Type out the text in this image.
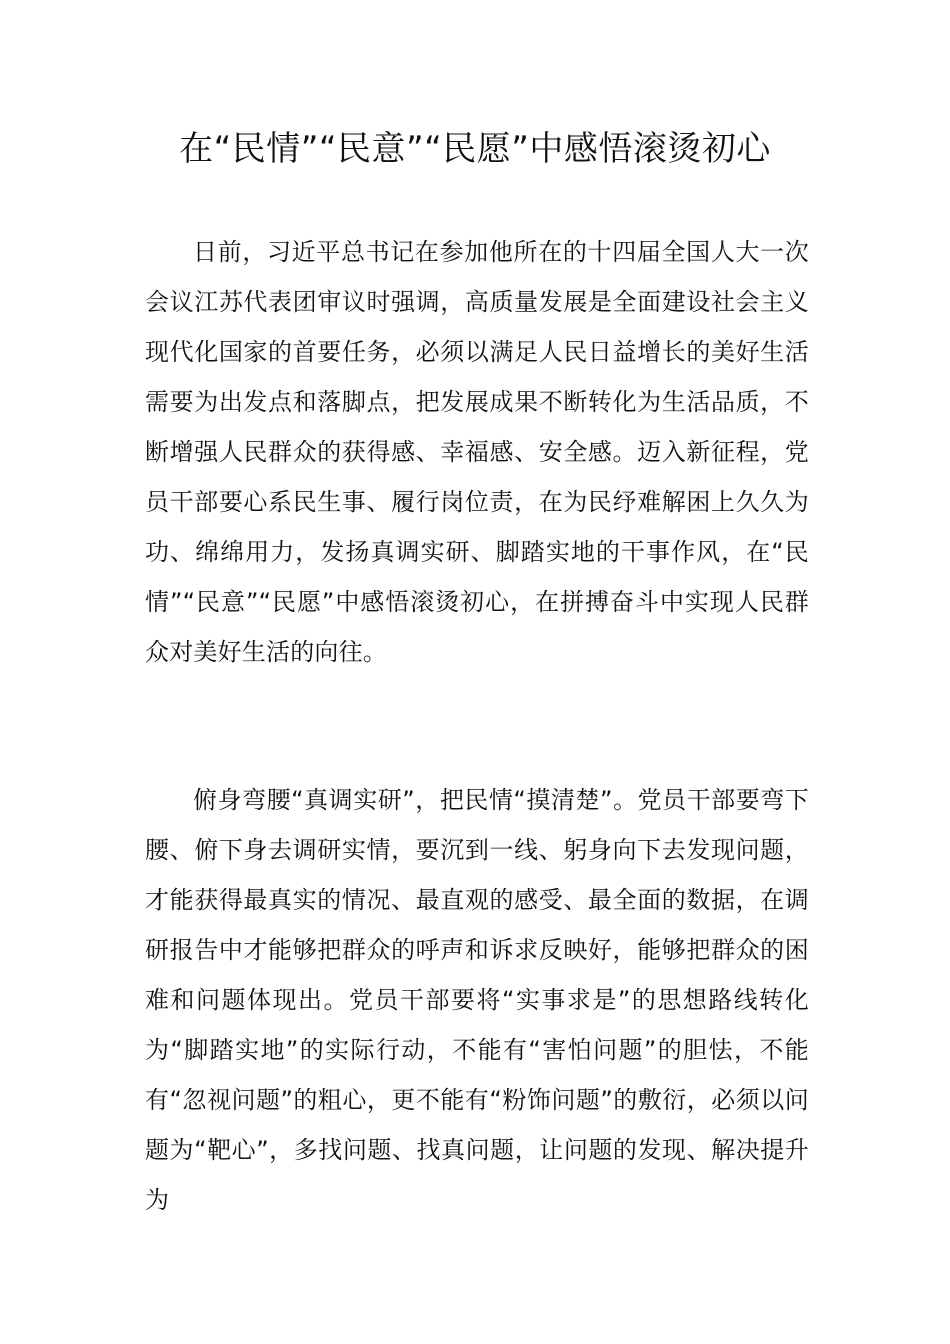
在“民情”“民意”“民愿”中感悟滚烫初心

日前，习近平总书记在参加他所在的十四届全国人大一次会议江苏代表团审议时强调，高质量发展是全面建设社会主义现代化国家的首要任务，必须以满足人民日益增长的美好生活需要为出发点和落脚点，把发展成果不断转化为生活品质，不断增强人民群众的获得感、幸福感、安全感。迈入新征程，党员干部要心系民生事、履行岗位责，在为民纾难解困上久久为功、绵绵用力，发扬真调实研、脚踏实地的干事作风，在“民情”“民意”“民愿”中感悟滚烫初心，在拼搏奋斗中实现人民群众对美好生活的向往。

俯身弯腰“真调实研”，把民情“摸清楚”。党员干部要弯下腰、俯下身去调研实情，要沉到一线、躬身向下去发现问题，才能获得最真实的情况、最直观的感受、最全面的数据，在调研报告中才能够把群众的呼声和诉求反映好，能够把群众的困难和问题体现出。党员干部要将“实事求是”的思想路线转化为“脚踏实地”的实际行动，不能有“害怕问题”的胆怯，不能有“忽视问题”的粗心，更不能有“粉饰问题”的敷衍，必须以问题为“靶心”，多找问题、找真问题，让问题的发现、解决提升为
